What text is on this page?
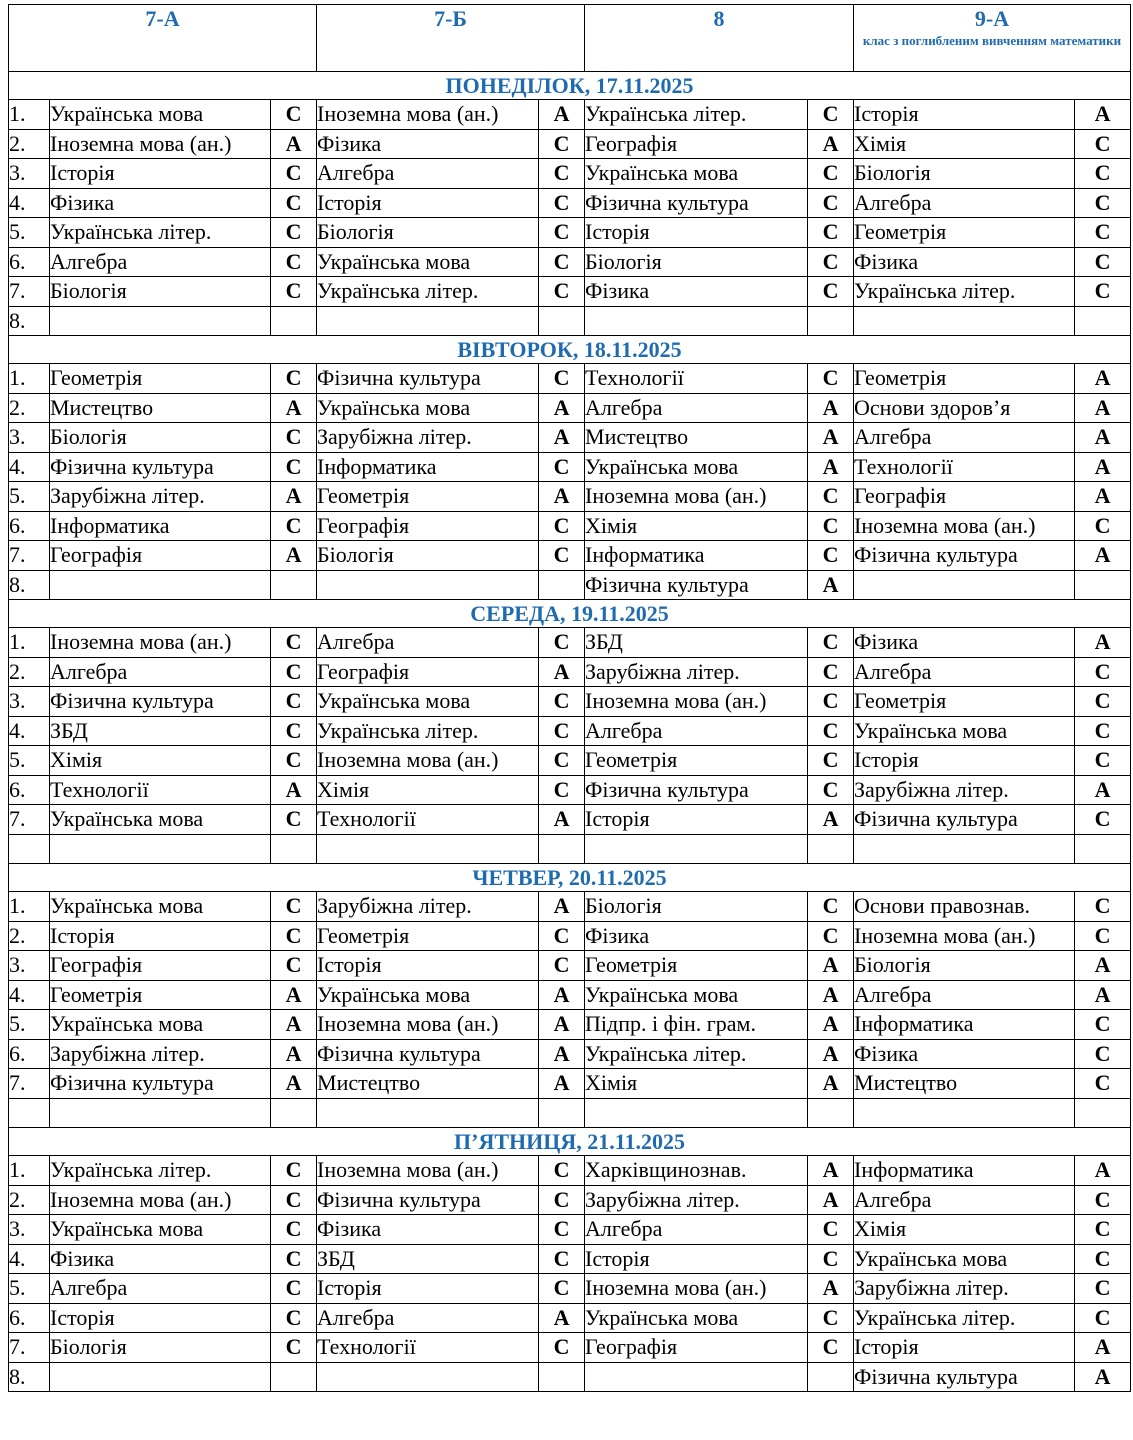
7-А			7-Б		8		9-А
клас з поглибленим вивченням математики	

ПОНЕДІЛОК, 17.11.2025								
1.	Українська мова	С	Іноземна мова (ан.)	А	Українська літер.	С	Історія	А
2.	Іноземна мова (ан.)	А	Фізика	С	Географія	А	Хімія	С
3.	Історія	С	Алгебра	С	Українська мова	С	Біологія	С
4.	Фізика	С	Історія	С	Фізична культура	С	Алгебра	С
5.	Українська літер.	С	Біологія	С	Історія	С	Геометрія	С
6.	Алгебра	С	Українська мова	С	Біологія	С	Фізика	С
7.	Біологія	С	Українська літер.	С	Фізика	С	Українська літер.	С
8.								
ВІВТОРОК, 18.11.2025								
1.	Геометрія	С	Фізична культура	С	Технології	С	Геометрія	А
2.	Мистецтво	А	Українська мова	А	Алгебра	А	Основи здоров’я	А
3.	Біологія	С	Зарубіжна літер.	А	Мистецтво	А	Алгебра	А
4.	Фізична культура	С	Інформатика	С	Українська мова	А	Технології	А
5.	Зарубіжна літер.	А	Геометрія	А	Іноземна мова (ан.)	С	Географія	А
6.	Інформатика	С	Географія	С	Хімія	С	Іноземна мова (ан.)	С
7.	Географія	А	Біологія	С	Інформатика	С	Фізична культура	А
8.					Фізична культура	А		
СЕРЕДА, 19.11.2025								
1.	Іноземна мова (ан.)	С	Алгебра	С	ЗБД	С	Фізика	А
2.	Алгебра	С	Географія	А	Зарубіжна літер.	С	Алгебра	С
3.	Фізична культура	С	Українська мова	С	Іноземна мова (ан.)	С	Геометрія	С
4.	ЗБД	С	Українська літер.	С	Алгебра	С	Українська мова	С
5.	Хімія	С	Іноземна мова (ан.)	С	Геометрія	С	Історія	С
6.	Технології	А	Хімія	С	Фізична культура	С	Зарубіжна літер.	А
7.	Українська мова	С	Технології	А	Історія	А	Фізична культура	С

ЧЕТВЕР, 20.11.2025								
1.	Українська мова	С	Зарубіжна літер.	А	Біологія	С	Основи правознав.	С
2.	Історія	С	Геометрія	С	Фізика	С	Іноземна мова (ан.)	С
3.	Географія	С	Історія	С	Геометрія	А	Біологія	А
4.	Геометрія	А	Українська мова	А	Українська мова	А	Алгебра	А
5.	Українська мова	А	Іноземна мова (ан.)	А	Підпр. і фін. грам.	А	Інформатика	С
6.	Зарубіжна літер.	А	Фізична культура	А	Українська літер.	А	Фізика	С
7.	Фізична культура	А	Мистецтво	А	Хімія	А	Мистецтво	С

П’ЯТНИЦЯ, 21.11.2025								
1.	Українська літер.	С	Іноземна мова (ан.)	С	Харківщинознав.	А	Інформатика	А
2.	Іноземна мова (ан.)	С	Фізична культура	С	Зарубіжна літер.	А	Алгебра	С
3.	Українська мова	С	Фізика	С	Алгебра	С	Хімія	С
4.	Фізика	С	ЗБД	С	Історія	С	Українська мова	С
5.	Алгебра	С	Історія	С	Іноземна мова (ан.)	А	Зарубіжна літер.	С
6.	Історія	С	Алгебра	А	Українська мова	С	Українська літер.	С
7.	Біологія	С	Технології	С	Географія	С	Історія	А
8.							Фізична культура	А
